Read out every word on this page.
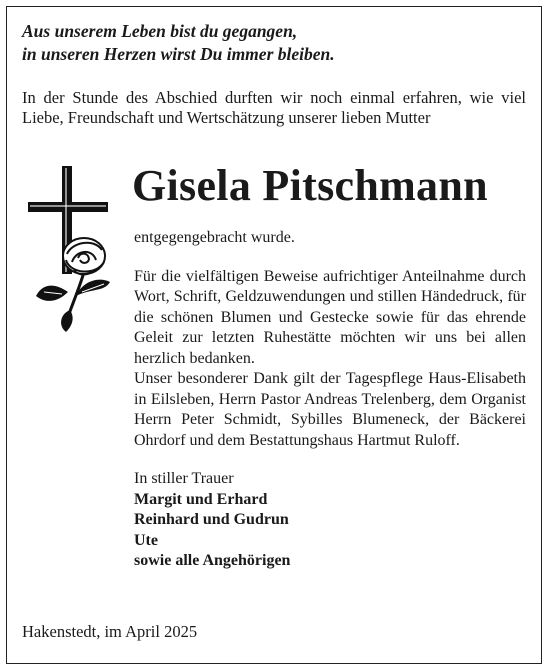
Aus unserem Leben bist du gegangen,
in unseren Herzen wirst Du immer bleiben.
In der Stunde des Abschied durften wir noch einmal erfahren, wie viel Liebe, Freundschaft und Wertschätzung unserer lieben Mutter
Gisela Pitschmann

entgegengebracht wurde.

Für die vielfältigen Beweise aufrichtiger Anteilnahme durch Wort, Schrift, Geldzuwendungen und stillen Händedruck, für die schönen Blumen und Gestecke sowie für das ehrende Geleit zur letzten Ruhestätte möchten wir uns bei allen herzlich bedanken.

Unser besonderer Dank gilt der Tagespflege Haus-Elisabeth in Eilsleben, Herrn Pastor Andreas Trelenberg, dem Organist Herrn Peter Schmidt, Sybilles Blumeneck, der Bäckerei Ohrdorf und dem Bestattungshaus Hartmut Ruloff.

In stiller Trauer

Margit und Erhard
Reinhard und Gudrun
Ute
sowie alle Angehörigen
Hakenstedt, im April 2025
